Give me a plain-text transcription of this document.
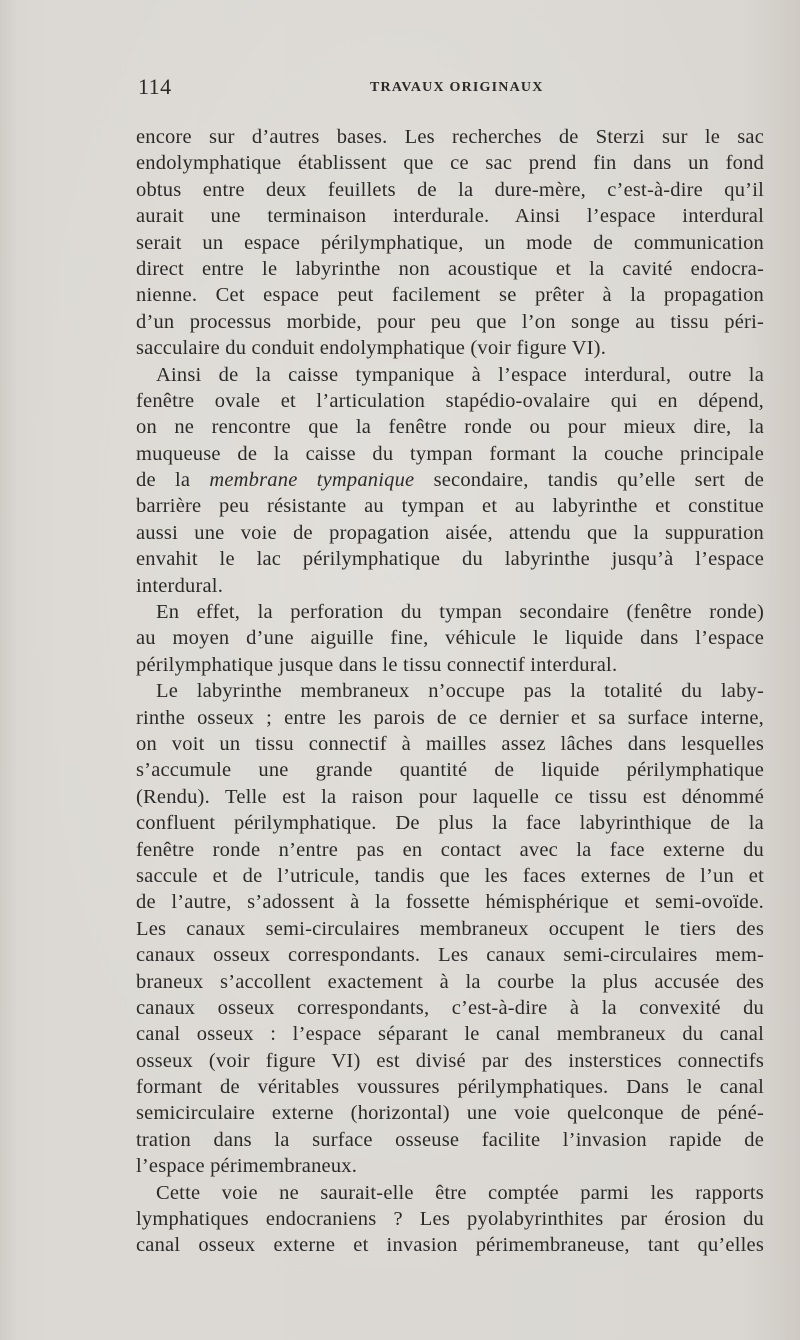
114	TRAVAUX ORIGINAUX
encore sur d’autres bases. Les recherches de Sterzi sur le sac
endolymphatique établissent que ce sac prend fin dans un fond
obtus entre deux feuillets de la dure-mère, c’est-à-dire qu’il
aurait une terminaison interdurale. Ainsi l’espace interdural
serait un espace périlymphatique, un mode de communication
direct entre le labyrinthe non acoustique et la cavité endocra-
nienne. Cet espace peut facilement se prêter à la propagation
d’un processus morbide, pour peu que l’on songe au tissu péri-
sacculaire du conduit endolymphatique (voir figure VI).
Ainsi de la caisse tympanique à l’espace interdural, outre la
fenêtre ovale et l’articulation stapédio-ovalaire qui en dépend,
on ne rencontre que la fenêtre ronde ou pour mieux dire, la
muqueuse de la caisse du tympan formant la couche principale
de la membrane tympanique secondaire, tandis qu’elle sert de
barrière peu résistante au tympan et au labyrinthe et constitue
aussi une voie de propagation aisée, attendu que la suppuration
envahit le lac périlymphatique du labyrinthe jusqu’à l’espace
interdural.
En effet, la perforation du tympan secondaire (fenêtre ronde)
au moyen d’une aiguille fine, véhicule le liquide dans l’espace
périlymphatique jusque dans le tissu connectif interdural.
Le labyrinthe membraneux n’occupe pas la totalité du laby-
rinthe osseux ; entre les parois de ce dernier et sa surface interne,
on voit un tissu connectif à mailles assez lâches dans lesquelles
s’accumule une grande quantité de liquide périlymphatique
(Rendu). Telle est la raison pour laquelle ce tissu est dénommé
confluent périlymphatique. De plus la face labyrinthique de la
fenêtre ronde n’entre pas en contact avec la face externe du
saccule et de l’utricule, tandis que les faces externes de l’un et
de l’autre, s’adossent à la fossette hémisphérique et semi-ovoïde.
Les canaux semi-circulaires membraneux occupent le tiers des
canaux osseux correspondants. Les canaux semi-circulaires mem-
braneux s’accollent exactement à la courbe la plus accusée des
canaux osseux correspondants, c’est-à-dire à la convexité du
canal osseux : l’espace séparant le canal membraneux du canal
osseux (voir figure VI) est divisé par des insterstices connectifs
formant de véritables voussures périlymphatiques. Dans le canal
semicirculaire externe (horizontal) une voie quelconque de péné-
tration dans la surface osseuse facilite l’invasion rapide de
l’espace périmembraneux.
Cette voie ne saurait-elle être comptée parmi les rapports
lymphatiques endocraniens ? Les pyolabyrinthites par érosion du
canal osseux externe et invasion périmembraneuse, tant qu’elles
